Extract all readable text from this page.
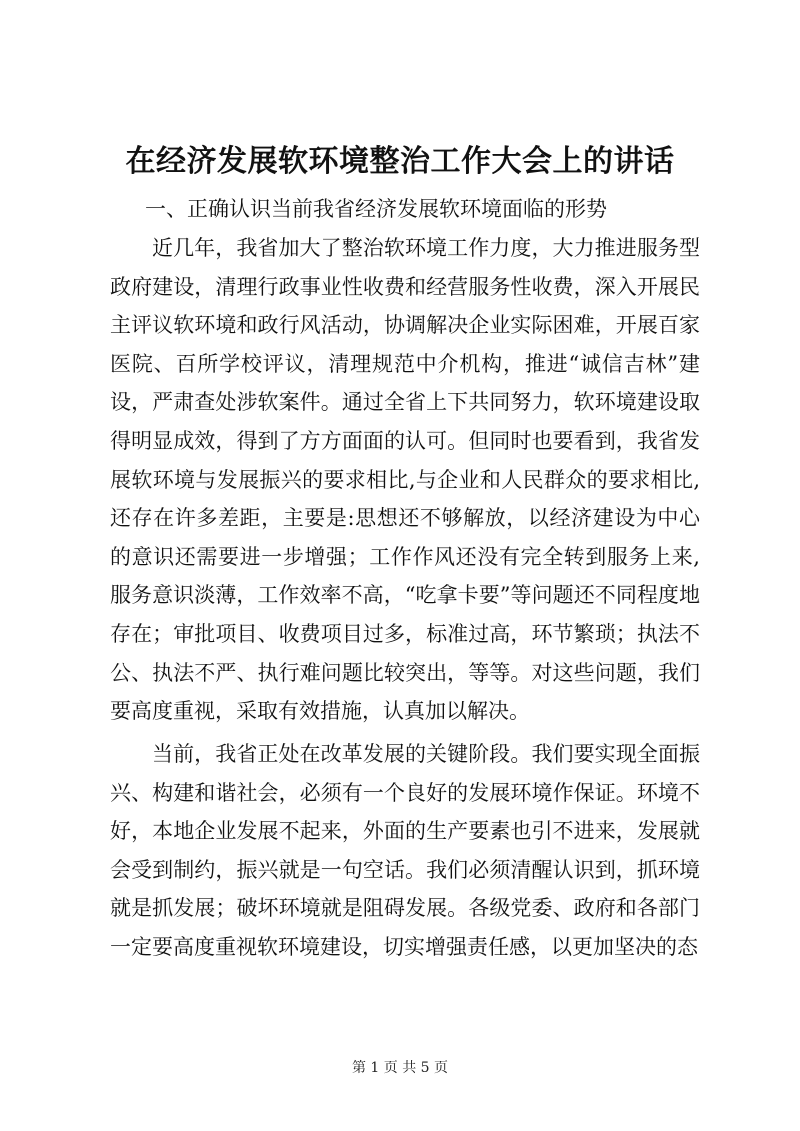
在经济发展软环境整治工作大会上的讲话
一、正确认识当前我省经济发展软环境面临的形势

近几年，我省加大了整治软环境工作力度，大力推进服务型政府建设，清理行政事业性收费和经营服务性收费，深入开展民主评议软环境和政行风活动，协调解决企业实际困难，开展百家医院、百所学校评议，清理规范中介机构，推进“诚信吉林”建设，严肃查处涉软案件。通过全省上下共同努力，软环境建设取得明显成效，得到了方方面面的认可。但同时也要看到，我省发展软环境与发展振兴的要求相比,与企业和人民群众的要求相比,还存在许多差距，主要是:思想还不够解放，以经济建设为中心的意识还需要进一步增强；工作作风还没有完全转到服务上来,服务意识淡薄，工作效率不高，“吃拿卡要”等问题还不同程度地存在；审批项目、收费项目过多，标准过高，环节繁琐；执法不公、执法不严、执行难问题比较突出，等等。对这些问题，我们要高度重视，采取有效措施，认真加以解决。

当前，我省正处在改革发展的关键阶段。我们要实现全面振兴、构建和谐社会，必须有一个良好的发展环境作保证。环境不好，本地企业发展不起来，外面的生产要素也引不进来，发展就会受到制约，振兴就是一句空话。我们必须清醒认识到，抓环境就是抓发展；破坏环境就是阻碍发展。各级党委、政府和各部门一定要高度重视软环境建设，切实增强责任感，以更加坚决的态

第 1 页 共 5 页
